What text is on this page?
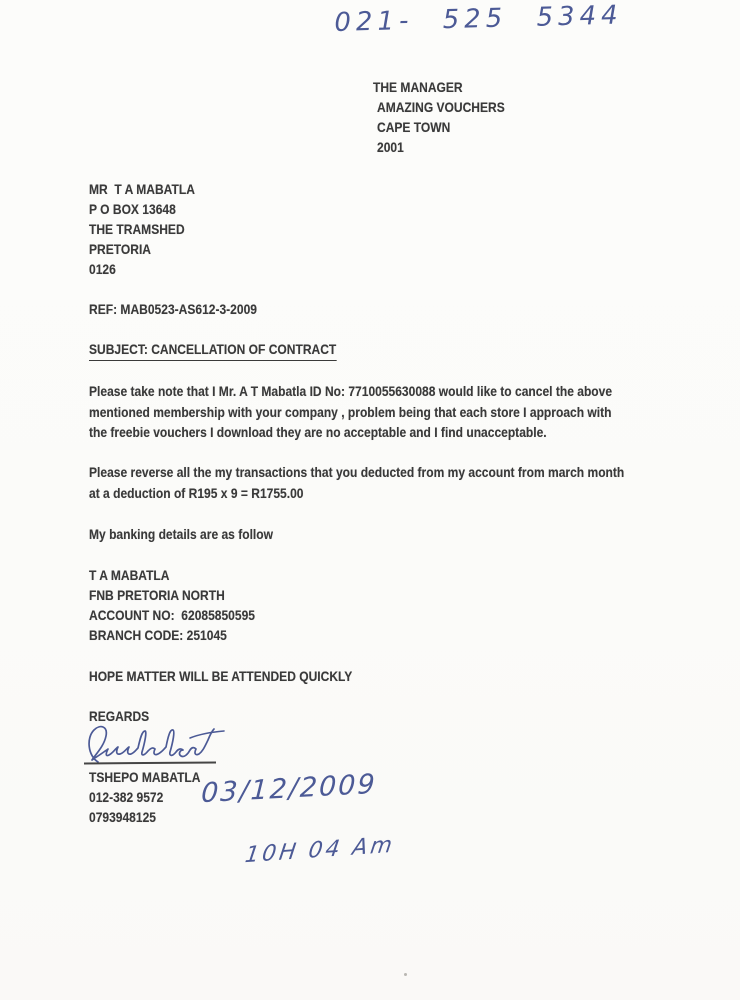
021- 525 5344
THE MANAGER
AMAZING VOUCHERS
CAPE TOWN
2001
MR  T A MABATLA
P O BOX 13648
THE TRAMSHED
PRETORIA
0126
REF: MAB0523-AS612-3-2009
SUBJECT: CANCELLATION OF CONTRACT
Please take note that I Mr. A T Mabatla ID No: 7710055630088 would like to cancel the above
mentioned membership with your company , problem being that each store I approach with
the freebie vouchers I download they are no acceptable and I find unacceptable.
Please reverse all the my transactions that you deducted from my account from march month
at a deduction of R195 x 9 = R1755.00
My banking details are as follow
T A MABATLA
FNB PRETORIA NORTH
ACCOUNT NO:  62085850595
BRANCH CODE: 251045
HOPE MATTER WILL BE ATTENDED QUICKLY
REGARDS
TSHEPO MABATLA
012-382 9572
0793948125
03/12/2009
10H 04 Am
